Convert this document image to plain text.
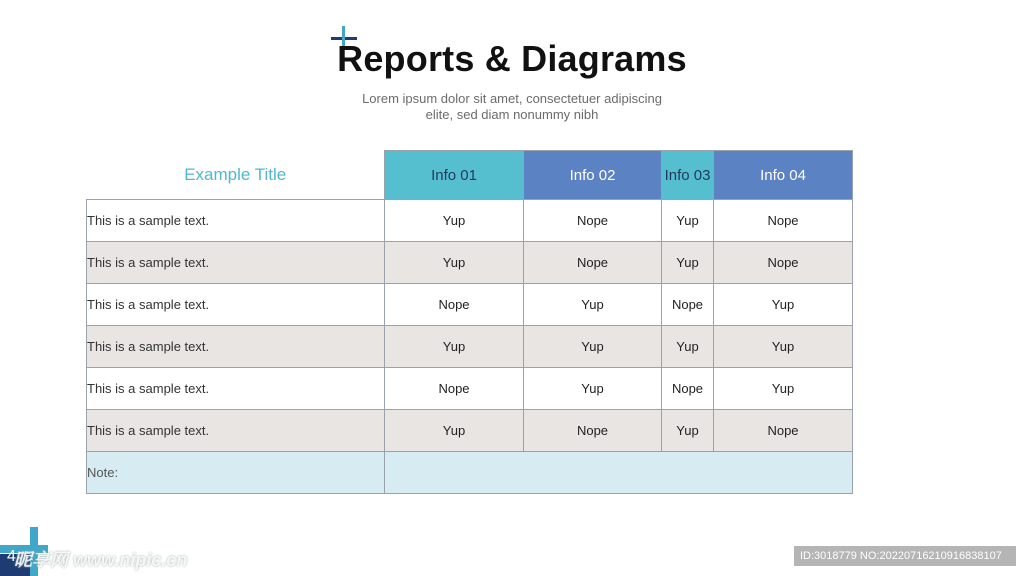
Reports & Diagrams
Lorem ipsum dolor sit amet, consectetuer adipiscing
elite, sed diam nonummy nibh
Example Title	Info 01	Info 02	Info 03	Info 04
This is a sample text.	Yup	Nope	Yup	Nope
This is a sample text.	Yup	Nope	Yup	Nope
This is a sample text.	Nope	Yup	Nope	Yup
This is a sample text.	Yup	Yup	Yup	Yup
This is a sample text.	Nope	Yup	Nope	Yup
This is a sample text.	Yup	Nope	Yup	Nope
Note:				
4
昵享网 www.nipic.cn	ID:3018779 NO:20220716210916838107
